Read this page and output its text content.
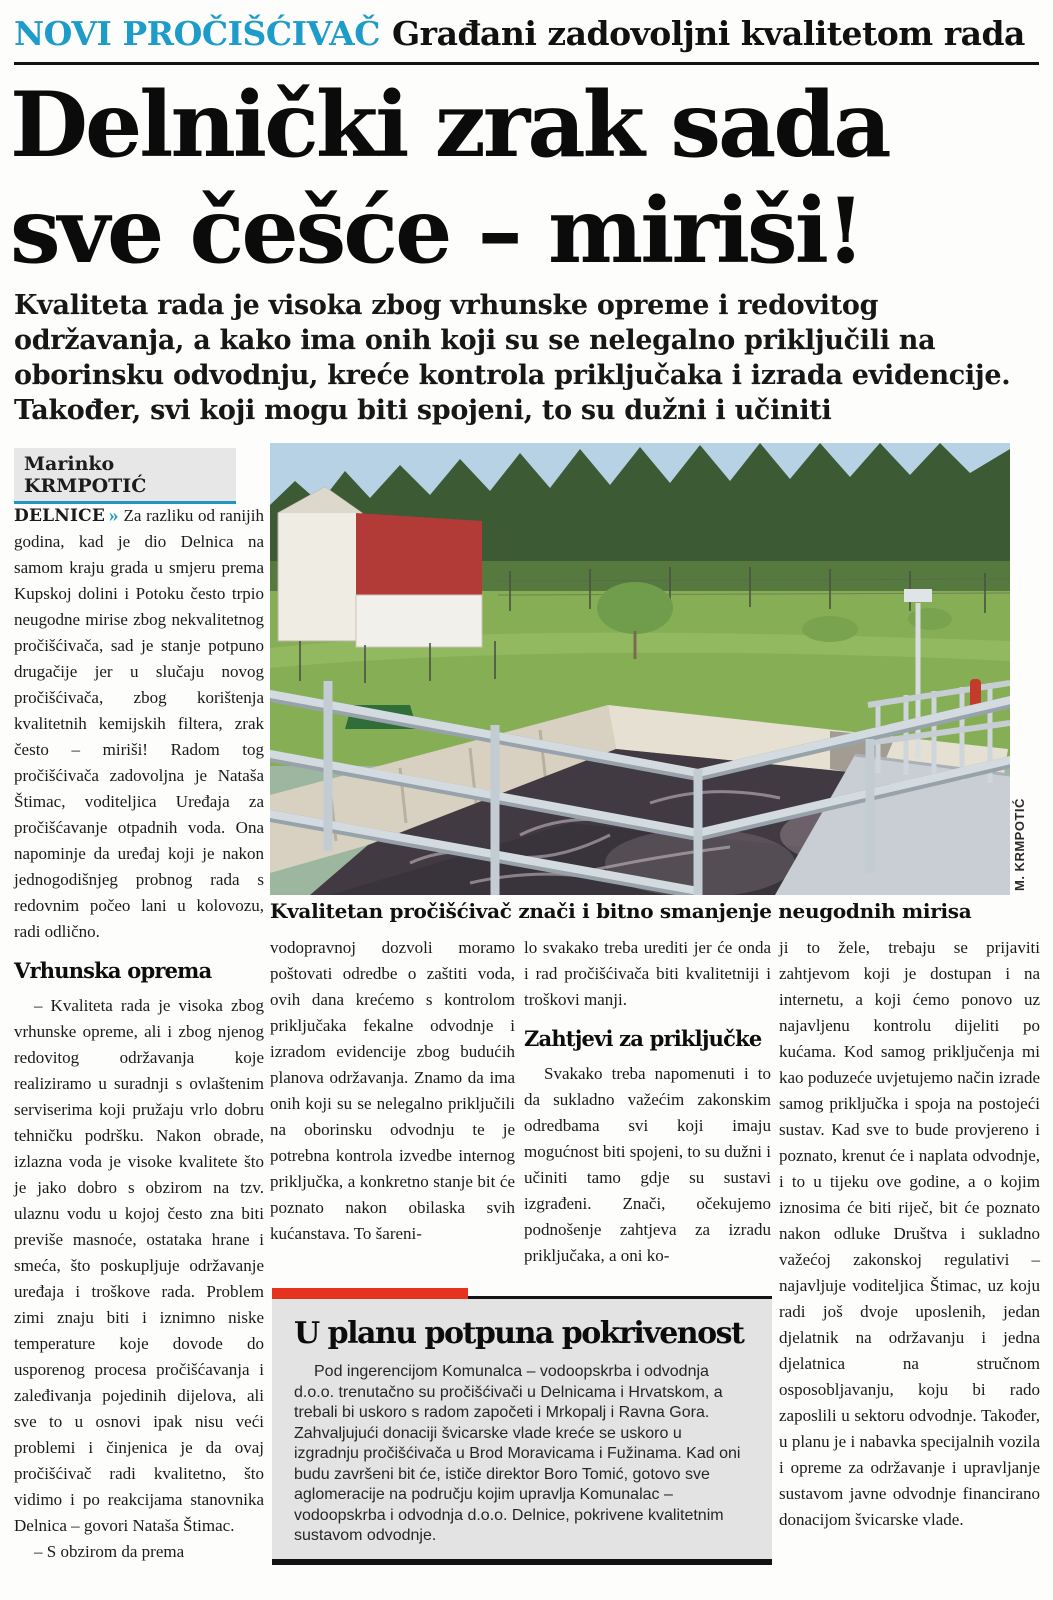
NOVI PROČIŠĆIVAČ Građani zadovoljni kvalitetom rada
Delnički zrak sada
sve češće – miriši!

Kvaliteta rada je visoka zbog vrhunske opreme i redovitog održavanja, a kako ima onih koji su se nelegalno priključili na oborinsku odvodnju, kreće kontrola priključaka i izrada evidencije. Također, svi koji mogu biti spojeni, to su dužni i učiniti

Marinko KRMPOTIĆ
M. KRMPOTIĆ
Kvalitetan pročišćivač znači i bitno smanjenje neugodnih mirisa

DELNICE » Za razliku od ranijih godina, kad je dio Delnica na samom kraju grada u smjeru prema Kupskoj dolini i Potoku često trpio neugodne mirise zbog nekvalitetnog pročišćivača, sad je stanje potpuno drugačije jer u slučaju novog pročišćivača, zbog korištenja kvalitetnih kemijskih filtera, zrak često – miriši! Radom tog pročišćivača zadovoljna je Nataša Štimac, voditeljica Uređaja za pročišćavanje otpadnih voda. Ona napominje da uređaj koji je nakon jednogodišnjeg probnog rada s redovnim počeo lani u kolovozu, radi odlično.

Vrhunska oprema

– Kvaliteta rada je visoka zbog vrhunske opreme, ali i zbog njenog redovitog održavanja koje realiziramo u suradnji s ovlaštenim serviserima koji pružaju vrlo dobru tehničku podršku. Nakon obrade, izlazna voda je visoke kvalitete što je jako dobro s obzirom na tzv. ulaznu vodu u kojoj često zna biti previše masnoće, ostataka hrane i smeća, što poskupljuje održavanje uređaja i troškove rada. Problem zimi znaju biti i iznimno niske temperature koje dovode do usporenog procesa pročišćavanja i zaleđivanja pojedinih dijelova, ali sve to u osnovi ipak nisu veći problemi i činjenica je da ovaj pročišćivač radi kvalitetno, što vidimo i po reakcijama stanovnika Delnica – govori Nataša Štimac.

– S obzirom da prema

vodopravnoj dozvoli moramo poštovati odredbe o zaštiti voda, ovih dana krećemo s kontrolom priključaka fekalne odvodnje i izradom evidencije zbog budućih planova održavanja. Znamo da ima onih koji su se nelegalno priključili na oborinsku odvodnju te je potrebna kontrola izvedbe internog priključka, a konkretno stanje bit će poznato nakon obilaska svih kućanstava. To šareni-

lo svakako treba urediti jer će onda i rad pročišćivača biti kvalitetniji i troškovi manji.

Zahtjevi za priključke

Svakako treba napomenuti i to da sukladno važećim zakonskim odredbama svi koji imaju mogućnost biti spojeni, to su dužni i učiniti tamo gdje su sustavi izgrađeni. Znači, očekujemo podnošenje zahtjeva za izradu priključaka, a oni ko-

ji to žele, trebaju se prijaviti zahtjevom koji je dostupan i na internetu, a koji ćemo ponovo uz najavljenu kontrolu dijeliti po kućama. Kod samog priključenja mi kao poduzeće uvjetujemo način izrade samog priključka i spoja na postojeći sustav. Kad sve to bude provjereno i poznato, krenut će i naplata odvodnje, i to u tijeku ove godine, a o kojim iznosima će biti riječ, bit će poznato nakon odluke Društva i sukladno važećoj zakonskoj regulativi – najavljuje voditeljica Štimac, uz koju radi još dvoje uposlenih, jedan djelatnik na održavanju i jedna djelatnica na stručnom osposobljavanju, koju bi rado zaposlili u sektoru odvodnje. Također, u planu je i nabavka specijalnih vozila i opreme za održavanje i upravljanje sustavom javne odvodnje financirano donacijom švicarske vlade.

U planu potpuna pokrivenost

Pod ingerencijom Komunalca – vodoopskrba i odvodnja d.o.o. trenutačno su pročišćivači u Delnicama i Hrvatskom, a trebali bi uskoro s radom započeti i Mrkopalj i Ravna Gora. Zahvaljujući donaciji švicarske vlade kreće se uskoro u izgradnju pročišćivača u Brod Moravicama i Fužinama. Kad oni budu završeni bit će, ističe direktor Boro Tomić, gotovo sve aglomeracije na području kojim upravlja Komunalac – vodoopskrba i odvodnja d.o.o. Delnice, pokrivene kvalitetnim sustavom odvodnje.
